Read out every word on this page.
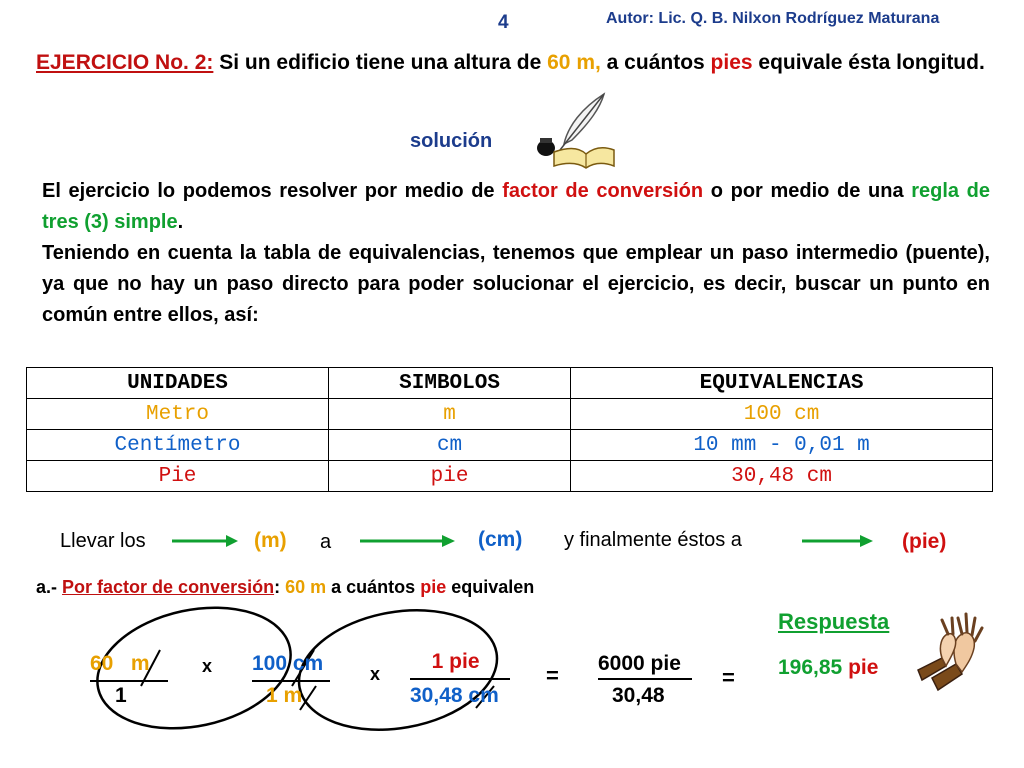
4	Autor: Lic. Q. B. Nilxon Rodríguez Maturana
EJERCICIO No. 2: Si un edificio tiene una altura de 60 m, a cuántos pies equivale ésta longitud.
solución

El ejercicio lo podemos resolver por medio de factor de conversión o por medio de una regla de tres (3) simple.

Teniendo en cuenta la tabla de equivalencias, tenemos que emplear un paso intermedio (puente), ya que no hay un paso directo para poder solucionar el ejercicio, es decir, buscar un punto en común entre ellos, así:

UNIDADES	SIMBOLOS	EQUIVALENCIAS
Metro	m	100 cm
Centímetro	cm	10 mm - 0,01 m
Pie	pie	30,48 cm
Llevar los	(m) a	(cm) y finalmente éstos a	(pie)
a.- Por factor de conversión: 60 m a cuántos pie equivalen
60   m
1
x 100 cm
1 m
x
1 pie
30,48 cm
= 6000 pie
30,48
=
Respuesta
196,85 pie
